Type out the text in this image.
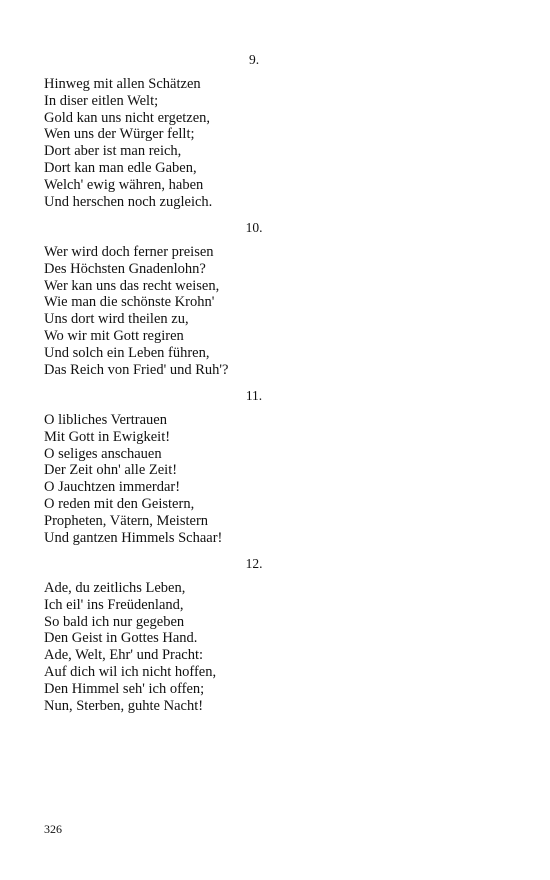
9.
Hinweg mit allen Schätzen
In diser eitlen Welt;
Gold kan uns nicht ergetzen,
Wen uns der Würger fellt;
Dort aber ist man reich,
Dort kan man edle Gaben,
Welch' ewig währen, haben
Und herschen noch zugleich.
10.
Wer wird doch ferner preisen
Des Höchsten Gnadenlohn?
Wer kan uns das recht weisen,
Wie man die schönste Krohn'
Uns dort wird theilen zu,
Wo wir mit Gott regiren
Und solch ein Leben führen,
Das Reich von Fried' und Ruh'?
11.
O libliches Vertrauen
Mit Gott in Ewigkeit!
O seliges anschauen
Der Zeit ohn' alle Zeit!
O Jauchtzen immerdar!
O reden mit den Geistern,
Propheten, Vätern, Meistern
Und gantzen Himmels Schaar!
12.
Ade, du zeitlichs Leben,
Ich eil' ins Freüdenland,
So bald ich nur gegeben
Den Geist in Gottes Hand.
Ade, Welt, Ehr' und Pracht:
Auf dich wil ich nicht hoffen,
Den Himmel seh' ich offen;
Nun, Sterben, guhte Nacht!
326
